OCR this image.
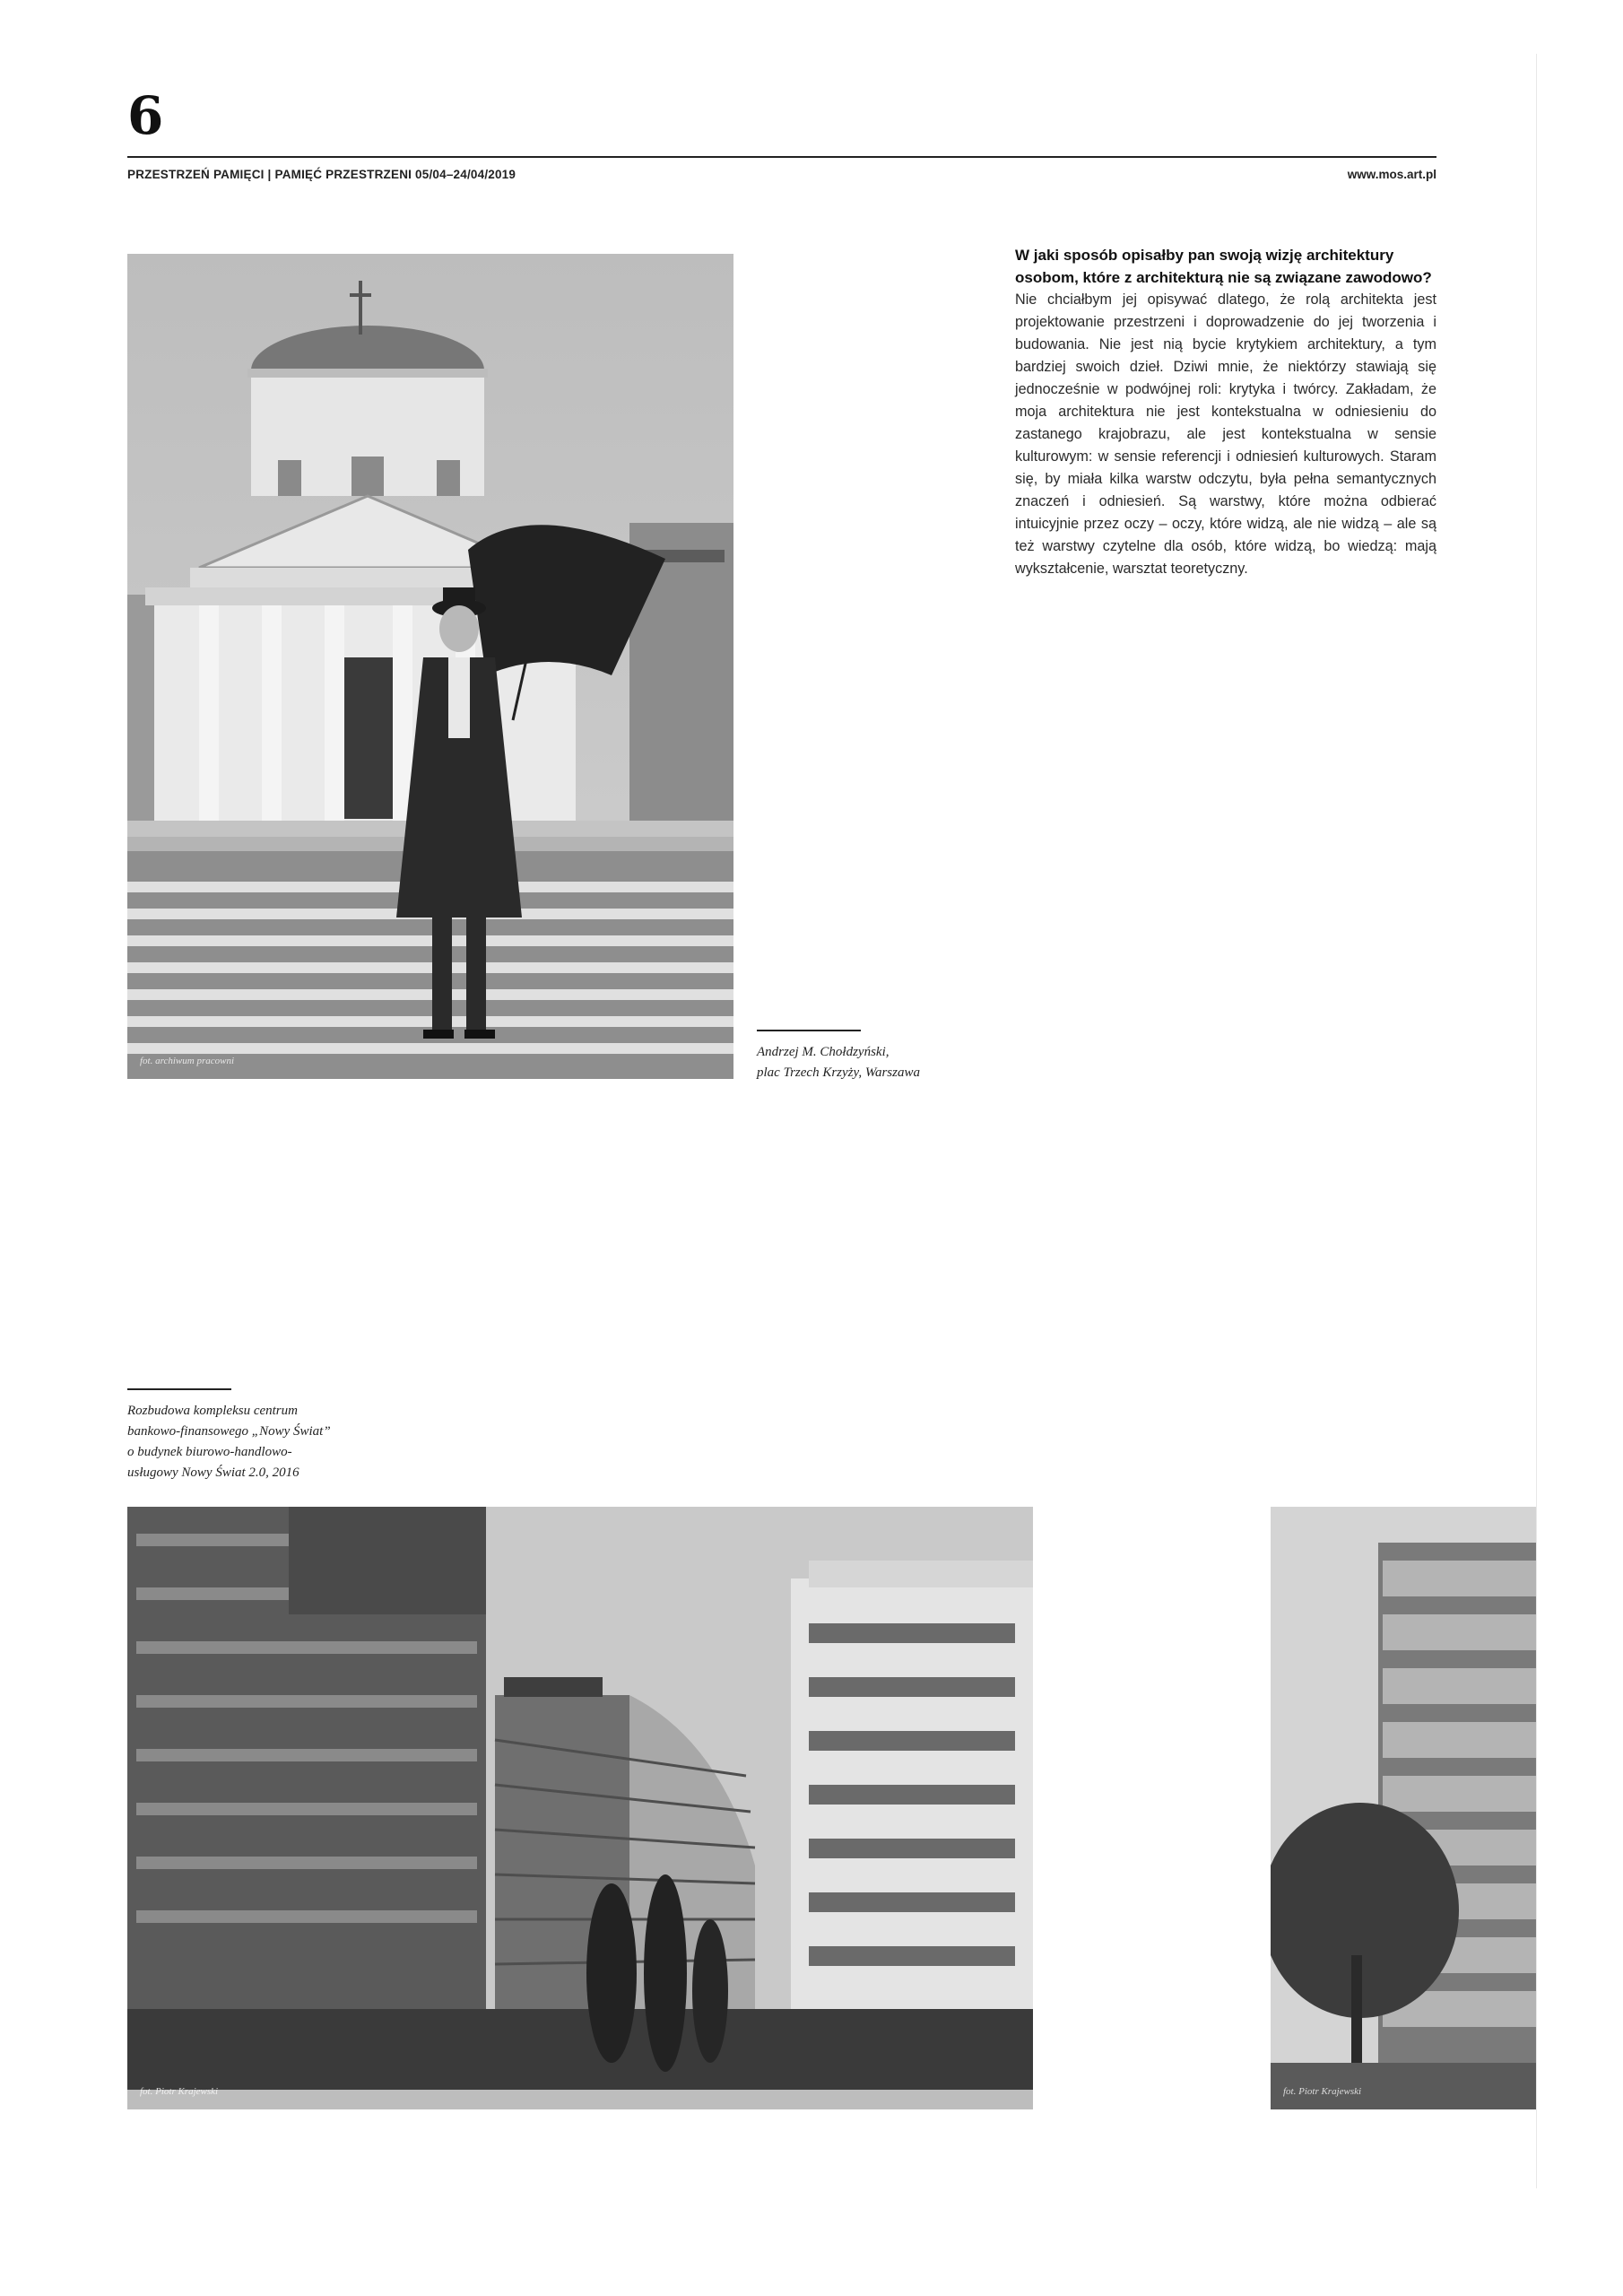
6
PRZESTRZEŃ PAMIĘCI | PAMIĘĆ PRZESTRZENI 05/04–24/04/2019	www.mos.art.pl
fot. archiwum pracowni
Andrzej M. Chołdzyński,
plac Trzech Krzyży, Warszawa
W jaki sposób opisałby pan swoją wizję architektury osobom, które z architekturą nie są związane zawodowo?
Nie chciałbym jej opisywać dlatego, że rolą architekta jest projektowanie przestrzeni i doprowadzenie do jej tworzenia i budowania. Nie jest nią bycie krytykiem architektury, a tym bardziej swoich dzieł. Dziwi mnie, że niektórzy stawiają się jednocześnie w podwójnej roli: krytyka i twórcy. Zakładam, że moja architektura nie jest kontekstualna w odniesieniu do zastanego krajobrazu, ale jest kontekstualna w sensie kulturowym: w sensie referencji i odniesień kulturowych. Staram się, by miała kilka warstw odczytu, była pełna semantycznych znaczeń i odniesień. Są warstwy, które można odbierać intuicyjnie przez oczy – oczy, które widzą, ale nie widzą – ale są też warstwy czytelne dla osób, które widzą, bo wiedzą: mają wykształcenie, warsztat teoretyczny.
Rozbudowa kompleksu centrum
bankowo-finansowego „Nowy Świat”
o budynek biurowo-handlowo-
usługowy Nowy Świat 2.0, 2016
fot. Piotr Krajewski	fot. Piotr Krajewski
